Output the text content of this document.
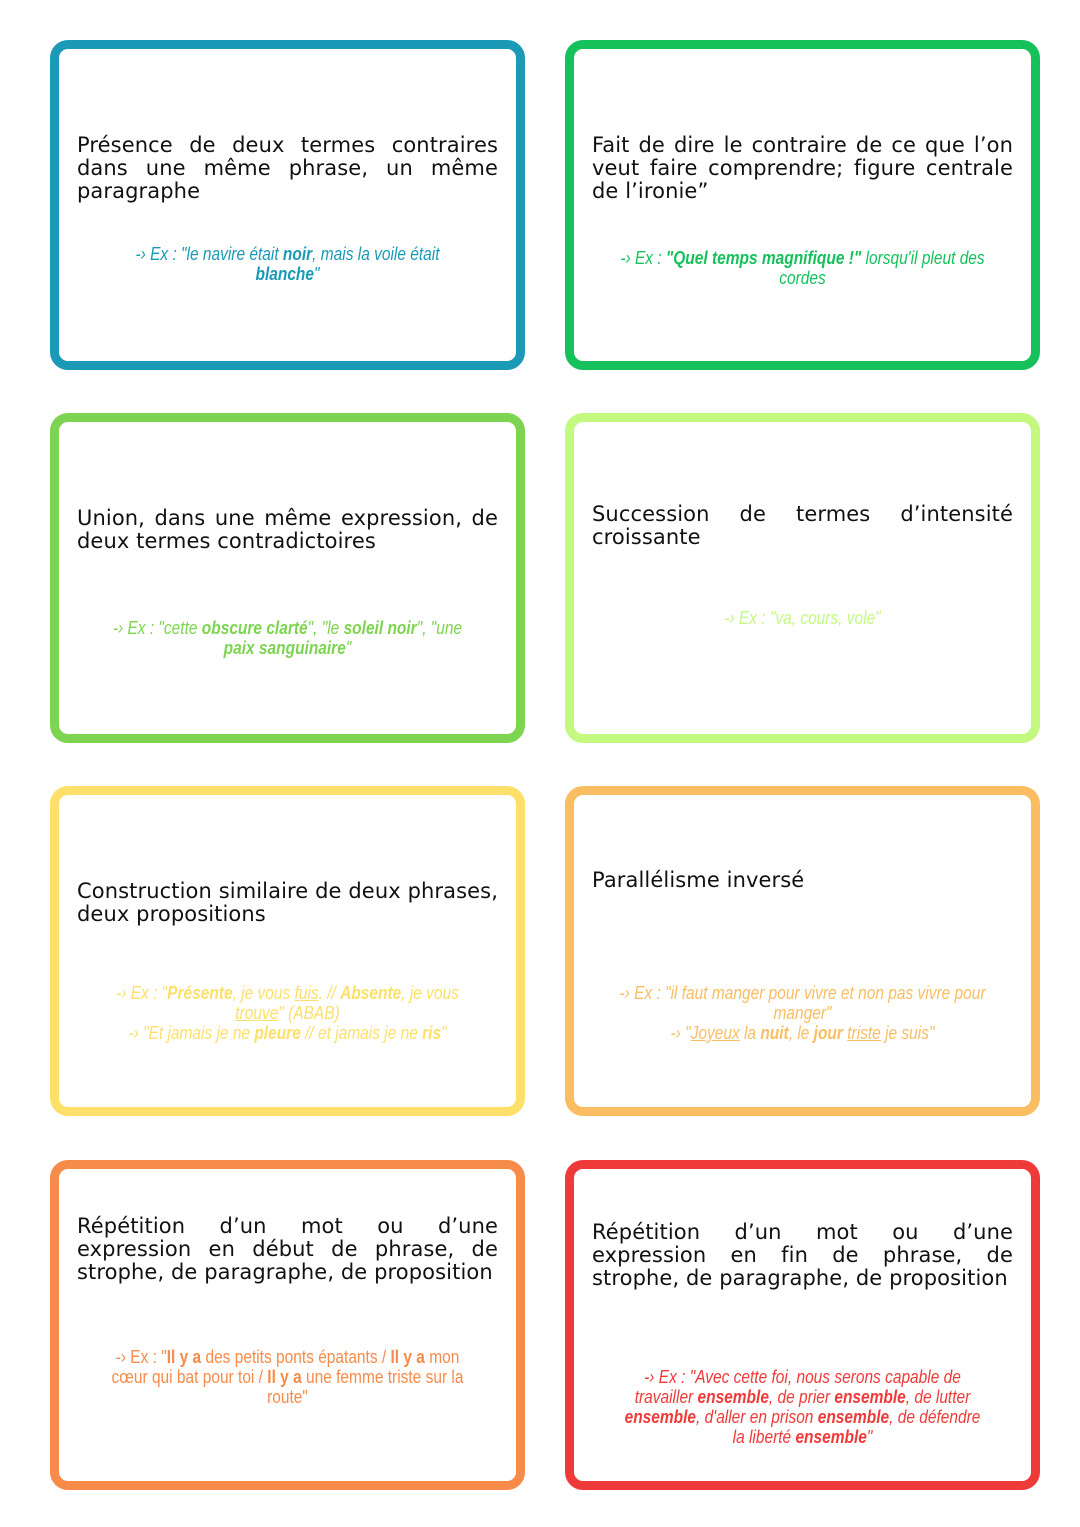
Présence de deux termes contraires dans une même phrase, un même paragraphe
-› Ex : "le navire était noir, mais la voile était blanche"
Fait de dire le contraire de ce que l’on veut faire comprendre; figure centrale de l’ironie”
-› Ex : "Quel temps magnifique !" lorsqu'il pleut des cordes
Union, dans une même expression, de deux termes contradictoires
-› Ex : "cette obscure clarté", "le soleil noir", "une paix sanguinaire"
Succession de termes d’intensité croissante
-› Ex : "va, cours, vole"
Construction similaire de deux phrases, deux propositions
-› Ex : "Présente, je vous fuis. // Absente, je vous trouve" (ABAB)
-› "Et jamais je ne pleure // et jamais je ne ris"
Parallélisme inversé
-› Ex : "il faut manger pour vivre et non pas vivre pour manger"
-› "Joyeux la nuit, le jour triste je suis"
Répétition d’un mot ou d’une expression en début de phrase, de strophe, de paragraphe, de proposition
-› Ex : "Il y a des petits ponts épatants / Il y a mon cœur qui bat pour toi / Il y a une femme triste sur la route"
Répétition d’un mot ou d’une expression en fin de phrase, de strophe, de paragraphe, de proposition
-› Ex : "Avec cette foi, nous serons capable de travailler ensemble, de prier ensemble, de lutter ensemble, d'aller en prison ensemble, de défendre la liberté ensemble"
